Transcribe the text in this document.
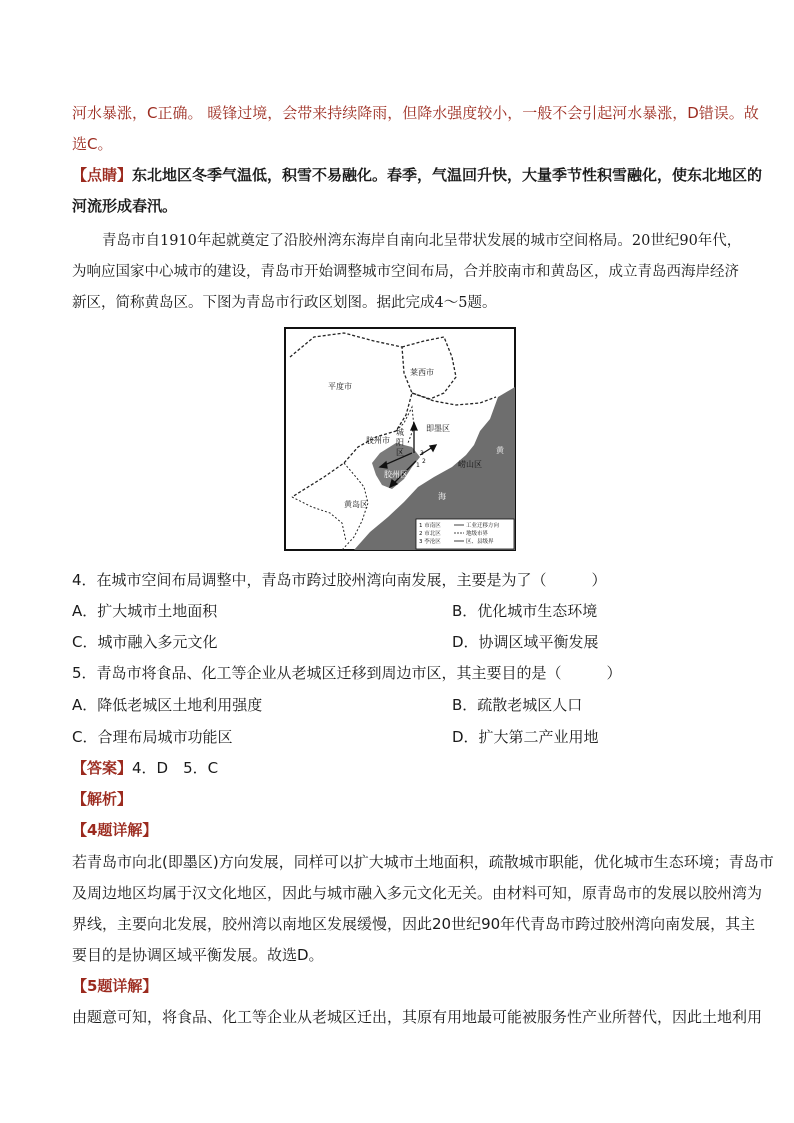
河水暴涨，C正确。 暖锋过境，会带来持续降雨，但降水强度较小，一般不会引起河水暴涨，D错误。故
选C。
【点睛】东北地区冬季气温低，积雪不易融化。春季，气温回升快，大量季节性积雪融化，使东北地区的
河流形成春汛。
青岛市自1910年起就奠定了沿胶州湾东海岸自南向北呈带状发展的城市空间格局。20世纪90年代，
为响应国家中心城市的建设，青岛市开始调整城市空间布局，合并胶南市和黄岛区，成立青岛西海岸经济
新区，简称黄岛区。下图为青岛市行政区划图。据此完成4～5题。
平度市
莱西市
即墨区
城
阳
区
胶州市
胶州区
崂山区
黄岛区
黄
海
1
2
3
1 市南区
2 市北区
3 李沧区
工业迁移方向
地级市界
区、县级界
4．在城市空间布局调整中，青岛市跨过胶州湾向南发展，主要是为了（　　　）
A．扩大城市土地面积	B．优化城市生态环境
C．城市融入多元文化	D．协调区域平衡发展
5．青岛市将食品、化工等企业从老城区迁移到周边市区，其主要目的是（　　　）
A．降低老城区土地利用强度	B．疏散老城区人口
C．合理布局城市功能区	D．扩大第二产业用地
【答案】4．D　5．C
【解析】
【4题详解】
若青岛市向北(即墨区)方向发展，同样可以扩大城市土地面积，疏散城市职能，优化城市生态环境；青岛市
及周边地区均属于汉文化地区，因此与城市融入多元文化无关。由材料可知，原青岛市的发展以胶州湾为
界线，主要向北发展，胶州湾以南地区发展缓慢，因此20世纪90年代青岛市跨过胶州湾向南发展，其主
要目的是协调区域平衡发展。故选D。
【5题详解】
由题意可知，将食品、化工等企业从老城区迁出，其原有用地最可能被服务性产业所替代，因此土地利用
